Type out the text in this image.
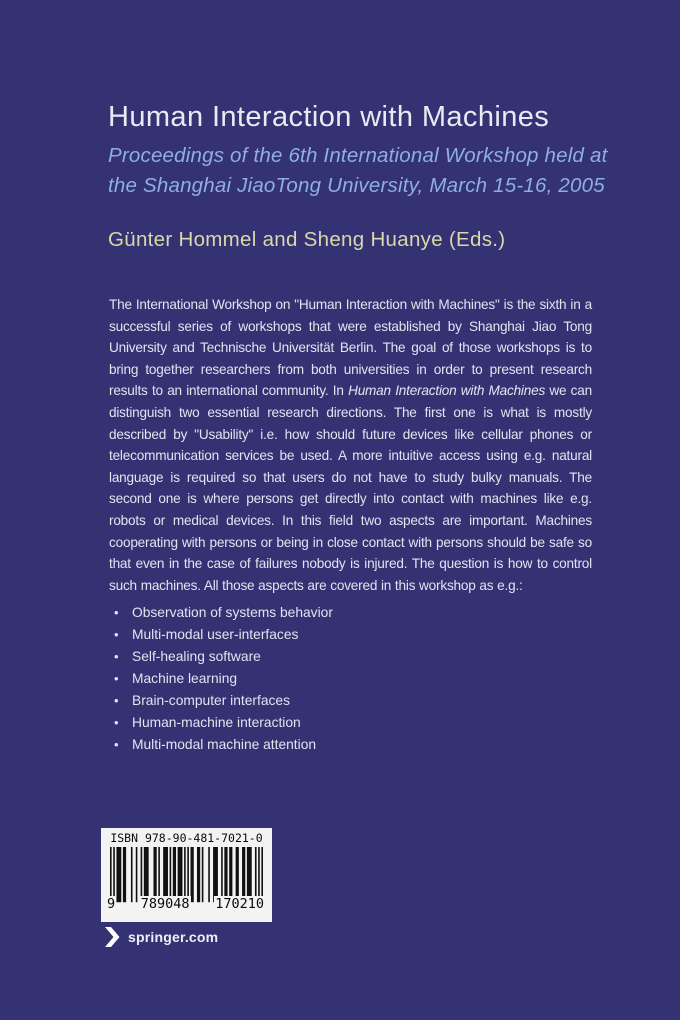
Human Interaction with Machines
Proceedings of the 6th International Workshop held at
the Shanghai JiaoTong University, March 15-16, 2005
Günter Hommel and Sheng Huanye (Eds.)

The International Workshop on "Human Interaction with Machines" is the sixth in a successful series of workshops that were established by Shanghai Jiao Tong University and Technische Universität Berlin. The goal of those workshops is to bring together researchers from both universities in order to present research results to an international community. In Human Interaction with Machines we can distinguish two essential research directions. The first one is what is mostly described by "Usability" i.e. how should future devices like cellular phones or telecommunication services be used. A more intuitive access using e.g. natural language is required so that users do not have to study bulky manuals. The second one is where persons get directly into contact with machines like e.g. robots or medical devices. In this field two aspects are important. Machines cooperating with persons or being in close contact with persons should be safe so that even in the case of failures nobody is injured. The question is how to control such machines. All those aspects are covered in this workshop as e.g.:

• Observation of systems behavior
• Multi-modal user-interfaces
• Self-healing software
• Machine learning
• Brain-computer interfaces
• Human-machine interaction
• Multi-modal machine attention
ISBN 978-90-481-7021-0
9 789048 170210
springer.com
